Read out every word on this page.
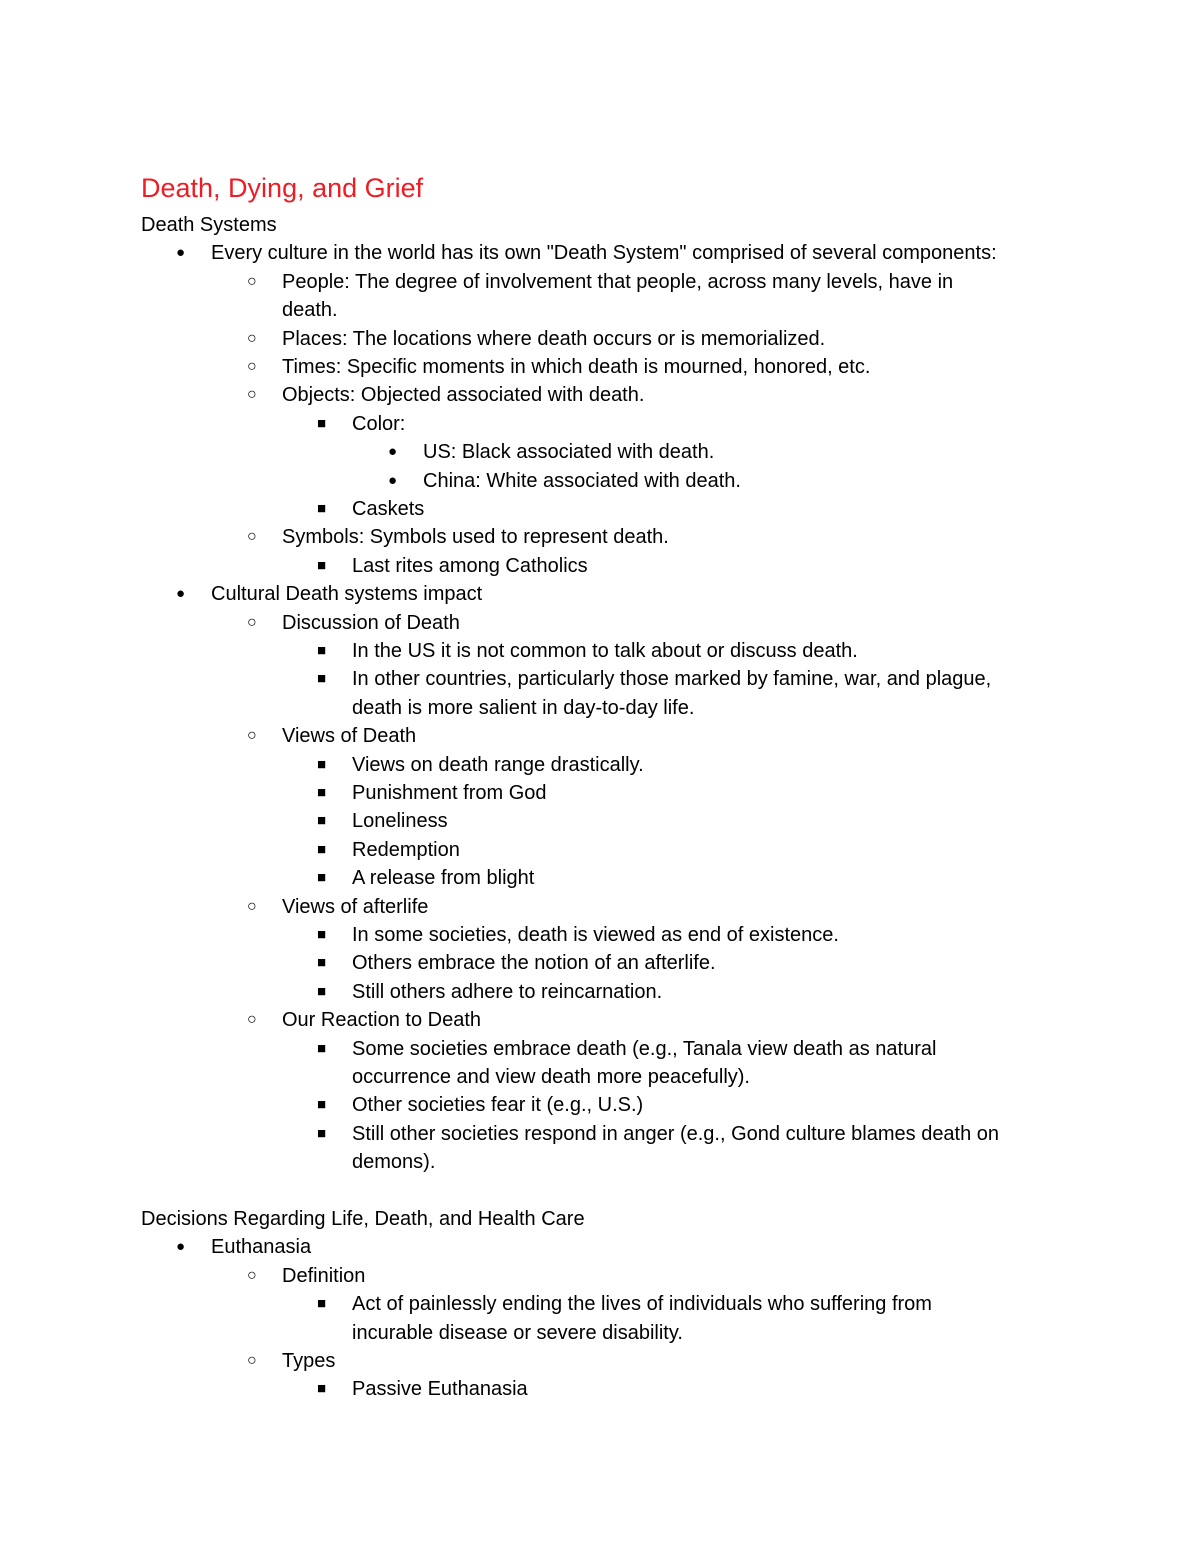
Death, Dying, and Grief
Death Systems
● Every culture in the world has its own "Death System" comprised of several components:
○ People: The degree of involvement that people, across many levels, have in
death.
○ Places: The locations where death occurs or is memorialized.
○ Times: Specific moments in which death is mourned, honored, etc.
○ Objects: Objected associated with death.
■ Color:
● US: Black associated with death.
● China: White associated with death.
■ Caskets
○ Symbols: Symbols used to represent death.
■ Last rites among Catholics
● Cultural Death systems impact
○ Discussion of Death
■ In the US it is not common to talk about or discuss death.
■ In other countries, particularly those marked by famine, war, and plague,
death is more salient in day-to-day life.
○ Views of Death
■ Views on death range drastically.
■ Punishment from God
■ Loneliness
■ Redemption
■ A release from blight
○ Views of afterlife
■ In some societies, death is viewed as end of existence.
■ Others embrace the notion of an afterlife.
■ Still others adhere to reincarnation.
○ Our Reaction to Death
■ Some societies embrace death (e.g., Tanala view death as natural
occurrence and view death more peacefully).
■ Other societies fear it (e.g., U.S.)
■ Still other societies respond in anger (e.g., Gond culture blames death on
demons).
Decisions Regarding Life, Death, and Health Care
● Euthanasia
○ Definition
■ Act of painlessly ending the lives of individuals who suffering from
incurable disease or severe disability.
○ Types
■ Passive Euthanasia
